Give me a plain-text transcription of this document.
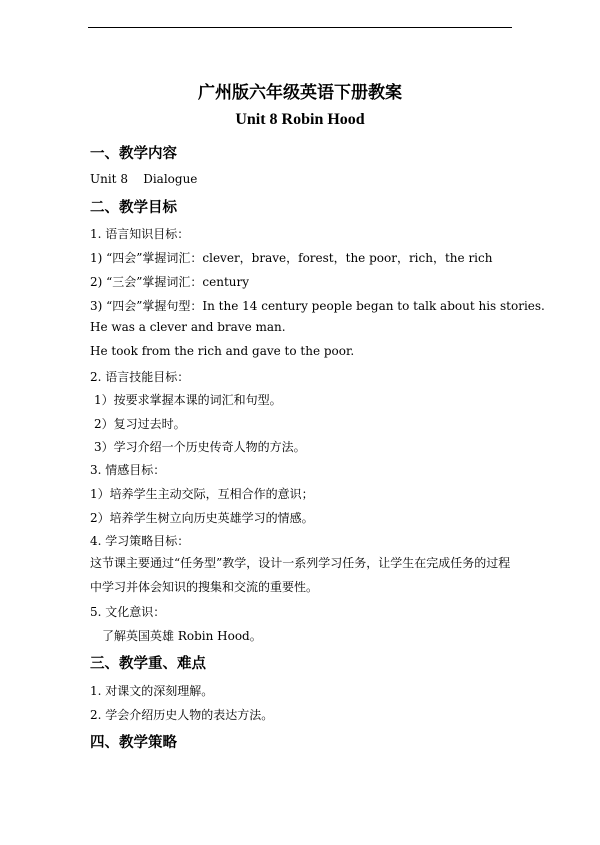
广州版六年级英语下册教案
Unit 8 Robin Hood
一、教学内容
Unit 8    Dialogue
二、教学目标
1. 语言知识目标：
1) “四会”掌握词汇：clever，brave，forest，the poor，rich，the rich
2) “三会”掌握词汇：century
3) “四会”掌握句型：In the 14 century people began to talk about his stories.
He was a clever and brave man.
He took from the rich and gave to the poor.
2. 语言技能目标：
1）按要求掌握本课的词汇和句型。
2）复习过去时。
3）学习介绍一个历史传奇人物的方法。
3. 情感目标：
1）培养学生主动交际，互相合作的意识；
2）培养学生树立向历史英雄学习的情感。
4. 学习策略目标：
这节课主要通过“任务型”教学，设计一系列学习任务，让学生在完成任务的过程中学习并体会知识的搜集和交流的重要性。
5. 文化意识：
了解英国英雄 Robin Hood。
三、教学重、难点
1. 对课文的深刻理解。
2. 学会介绍历史人物的表达方法。
四、教学策略
